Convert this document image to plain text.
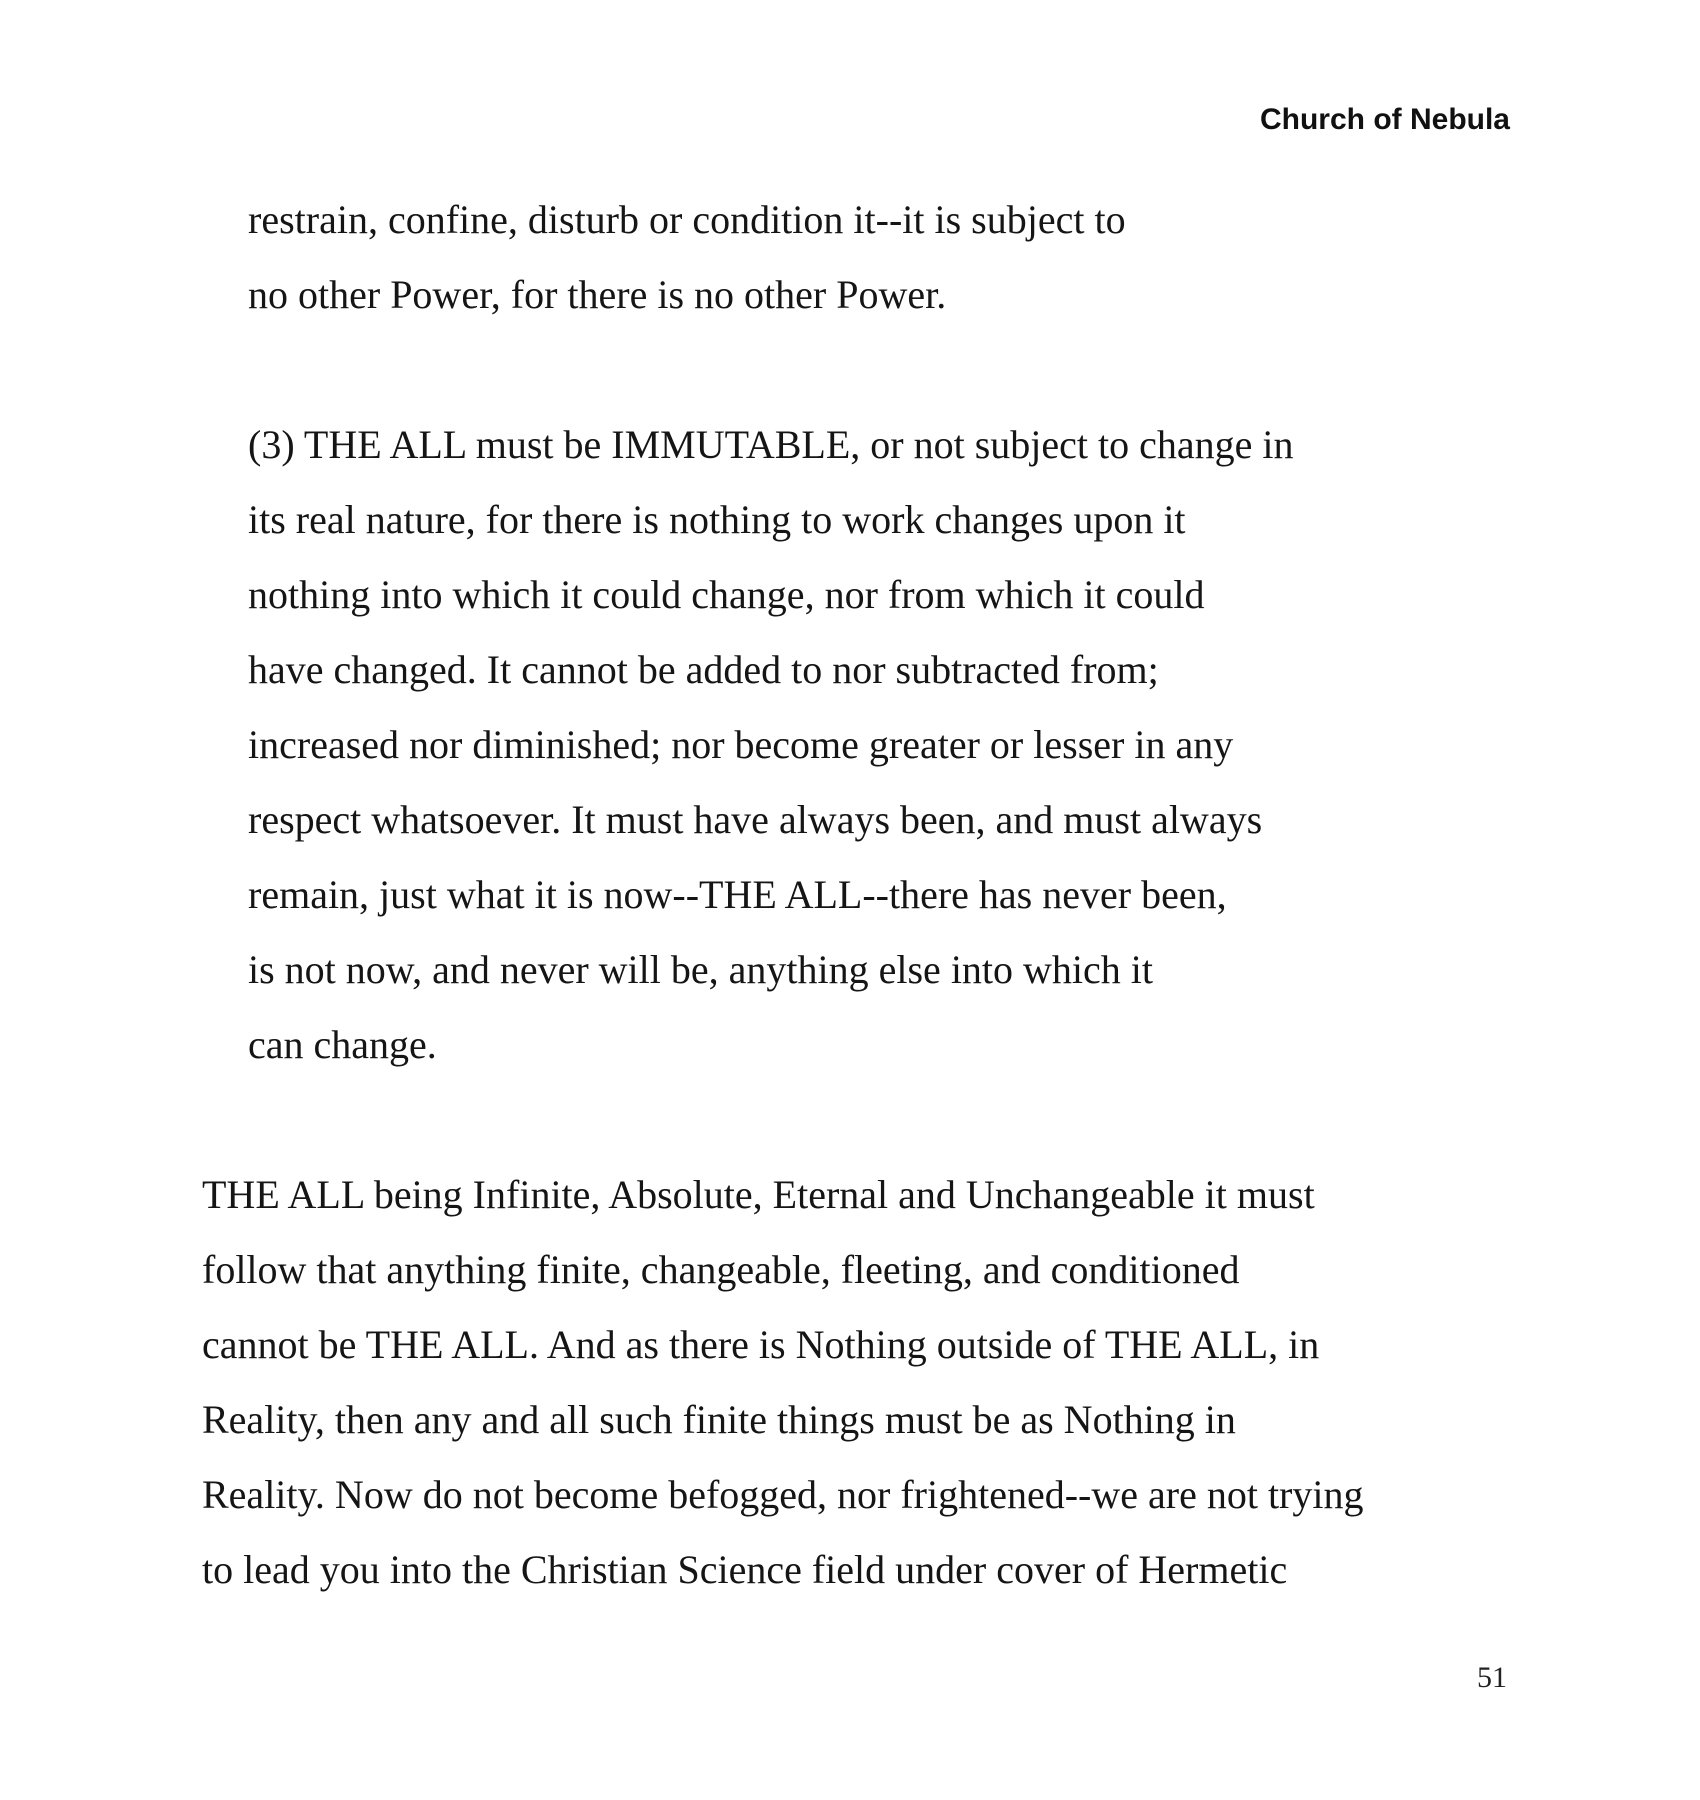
Church of Nebula
restrain, confine, disturb or condition it--it is subject to
no other Power, for there is no other Power.
(3) THE ALL must be IMMUTABLE, or not subject to change in
its real nature, for there is nothing to work changes upon it
nothing into which it could change, nor from which it could
have changed. It cannot be added to nor subtracted from;
increased nor diminished; nor become greater or lesser in any
respect whatsoever. It must have always been, and must always
remain, just what it is now--THE ALL--there has never been,
is not now, and never will be, anything else into which it
can change.
THE ALL being Infinite, Absolute, Eternal and Unchangeable it must
follow that anything finite, changeable, fleeting, and conditioned
cannot be THE ALL. And as there is Nothing outside of THE ALL, in
Reality, then any and all such finite things must be as Nothing in
Reality. Now do not become befogged, nor frightened--we are not trying
to lead you into the Christian Science field under cover of Hermetic
51
